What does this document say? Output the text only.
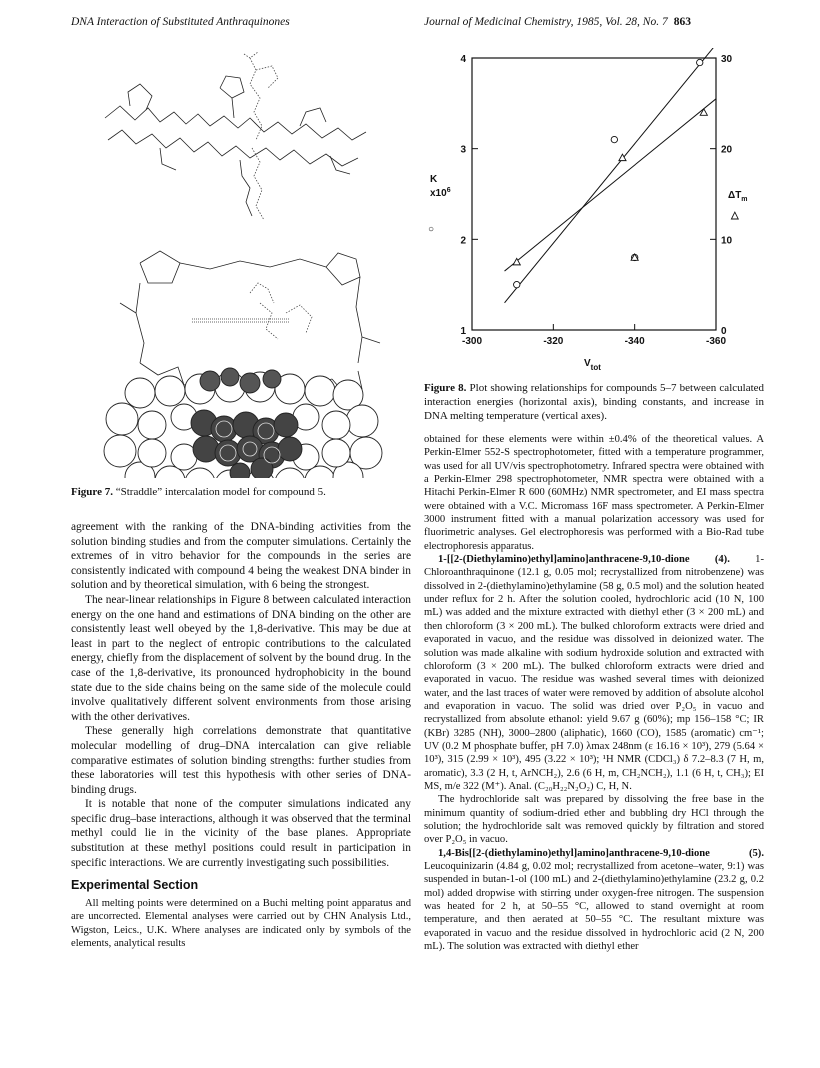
DNA Interaction of Substituted Anthraquinones	Journal of Medicinal Chemistry, 1985, Vol. 28, No. 7 863
Figure 7. “Straddle” intercalation model for compound 5.
-300	-320	-340	-360
1
2
3
4
0
10
20
30
K
$x10^6$
○
$\Delta T_m$
△
$V_{tot}$
Figure 8. Plot showing relationships for compounds 5–7 between calculated interaction energies (horizontal axis), binding constants, and increase in DNA melting temperature (vertical axes).

agreement with the ranking of the DNA-binding activities from the solution binding studies and from the computer simulations. Certainly the extremes of in vitro behavior for the compounds in the series are consistently indicated with compound 4 being the weakest DNA binder in solution and by theoretical simulation, with 6 being the strongest.

The near-linear relationships in Figure 8 between calculated interaction energy on the one hand and estimations of DNA binding on the other are consistently least well obeyed by the 1,8-derivative. This may be due at least in part to the neglect of entropic contributions to the calculated energy, chiefly from the displacement of solvent by the bound drug. In the case of the 1,8-derivative, its pronounced hydrophobicity in the bound state due to the side chains being on the same side of the molecule could involve qualitatively different solvent environments from those arising with the other derivatives.

These generally high correlations demonstrate that quantitative molecular modelling of drug–DNA intercalation can give reliable comparative estimates of solution binding strengths: further studies from these laboratories will test this hypothesis with other series of DNA-binding drugs.

It is notable that none of the computer simulations indicated any specific drug–base interactions, although it was observed that the terminal methyl could lie in the vicinity of the base planes. Appropriate substitution at these methyl positions could result in participation in specific interactions. We are currently investigating such possibilities.

Experimental Section

All melting points were determined on a Buchi melting point apparatus and are uncorrected. Elemental analyses were carried out by CHN Analysis Ltd., Wigston, Leics., U.K. Where analyses are indicated only by symbols of the elements, analytical results

obtained for these elements were within ±0.4% of the theoretical values. A Perkin-Elmer 552-S spectrophotometer, fitted with a temperature programmer, was used for all UV/vis spectrophotometry. Infrared spectra were obtained with a Perkin-Elmer 298 spectrophotometer, NMR spectra were obtained with a Hitachi Perkin-Elmer R 600 (60MHz) NMR spectrometer, and EI mass spectra were obtained with a V.C. Micromass 16F mass spectrometer. A Perkin-Elmer 3000 instrument fitted with a manual polarization accessory was used for fluorimetric analyses. Gel electrophoresis was performed with a Bio-Rad tube electrophoresis apparatus.

1-[[2-(Diethylamino)ethyl]amino]anthracene-9,10-dione (4). 1-Chloroanthraquinone (12.1 g, 0.05 mol; recrystallized from nitrobenzene) was dissolved in 2-(diethylamino)ethylamine (58 g, 0.5 mol) and the solution heated under reflux for 2 h. After the solution cooled, hydrochloric acid (10 N, 100 mL) was added and the mixture extracted with diethyl ether (3 × 200 mL) and then chloroform (3 × 200 mL). The bulked chloroform extracts were dried and evaporated in vacuo, and the residue was dissolved in deionized water. The solution was made alkaline with sodium hydroxide solution and extracted with chloroform (3 × 200 mL). The bulked chloroform extracts were dried and evaporated in vacuo. The residue was washed several times with deionized water, and the last traces of water were removed by addition of absolute alcohol and evaporation in vacuo. The solid was dried over P₂O₅ in vacuo and recrystallized from absolute ethanol: yield 9.67 g (60%); mp 156–158 °C; IR (KBr) 3285 (NH), 3000–2800 (aliphatic), 1660 (CO), 1585 (aromatic) cm⁻¹; UV (0.2 M phosphate buffer, pH 7.0) λmax 248nm (ε 16.16 × 10³), 279 (5.64 × 10³), 315 (2.99 × 10³), 495 (3.22 × 10³); ¹H NMR (CDCl₃) δ 7.2–8.3 (7 H, m, aromatic), 3.3 (2 H, t, ArNCH₂), 2.6 (6 H, m, CH₂NCH₂), 1.1 (6 H, t, CH₃); EI MS, m/e 322 (M⁺). Anal. (C₂₀H₂₂N₂O₂) C, H, N.

The hydrochloride salt was prepared by dissolving the free base in the minimum quantity of sodium-dried ether and bubbling dry HCl through the solution; the hydrochloride salt was removed quickly by filtration and stored over P₂O₅ in vacuo.

1,4-Bis[[2-(diethylamino)ethyl]amino]anthracene-9,10-dione (5). Leucoquinizarin (4.84 g, 0.02 mol; recrystallized from acetone–water, 9:1) was suspended in butan-1-ol (100 mL) and 2-(diethylamino)ethylamine (23.2 g, 0.2 mol) added dropwise with stirring under oxygen-free nitrogen. The suspension was heated for 2 h, at 50–55 °C, allowed to stand overnight at room temperature, and then aerated at 50–55 °C. The resultant mixture was evaporated in vacuo and the residue dissolved in hydrochloric acid (2 N, 200 mL). The solution was extracted with diethyl ether
